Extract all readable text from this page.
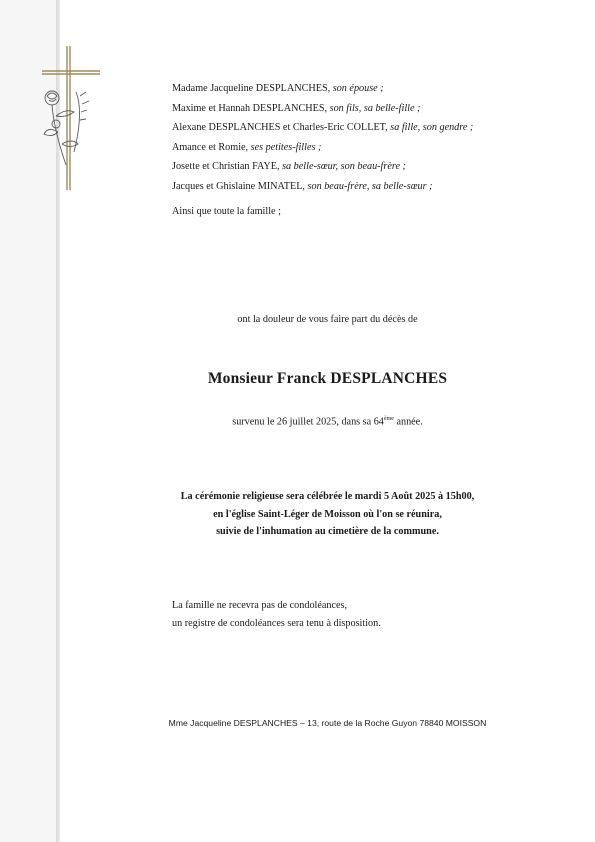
Madame Jacqueline DESPLANCHES, son épouse ;
Maxime et Hannah DESPLANCHES, son fils, sa belle-fille ;
Alexane DESPLANCHES et Charles-Eric COLLET, sa fille, son gendre ;
Amance et Romie, ses petites-filles ;
Josette et Christian FAYE, sa belle-sœur, son beau-frère ;
Jacques et Ghislaine MINATEL, son beau-frère, sa belle-sœur ;
Ainsi que toute la famille ;
ont la douleur de vous faire part du décès de
Monsieur Franck DESPLANCHES
survenu le 26 juillet 2025, dans sa 64ème année.
La cérémonie religieuse sera célébrée le mardi 5 Août 2025 à 15h00,
en l'église Saint-Léger de Moisson où l'on se réunira,
suivie de l'inhumation au cimetière de la commune.
La famille ne recevra pas de condoléances,
un registre de condoléances sera tenu à disposition.
Mme Jacqueline DESPLANCHES – 13, route de la Roche Guyon 78840 MOISSON
